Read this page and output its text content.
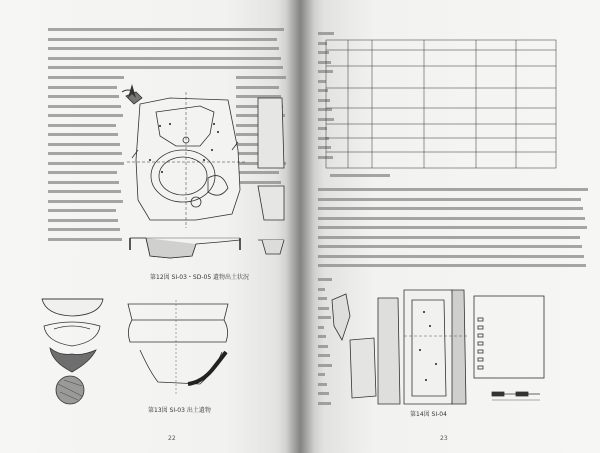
第12図 SI-03・SD-05 遺物出土状況
第13図 SI-03 出土遺物
22
第14図 SI-04
23
